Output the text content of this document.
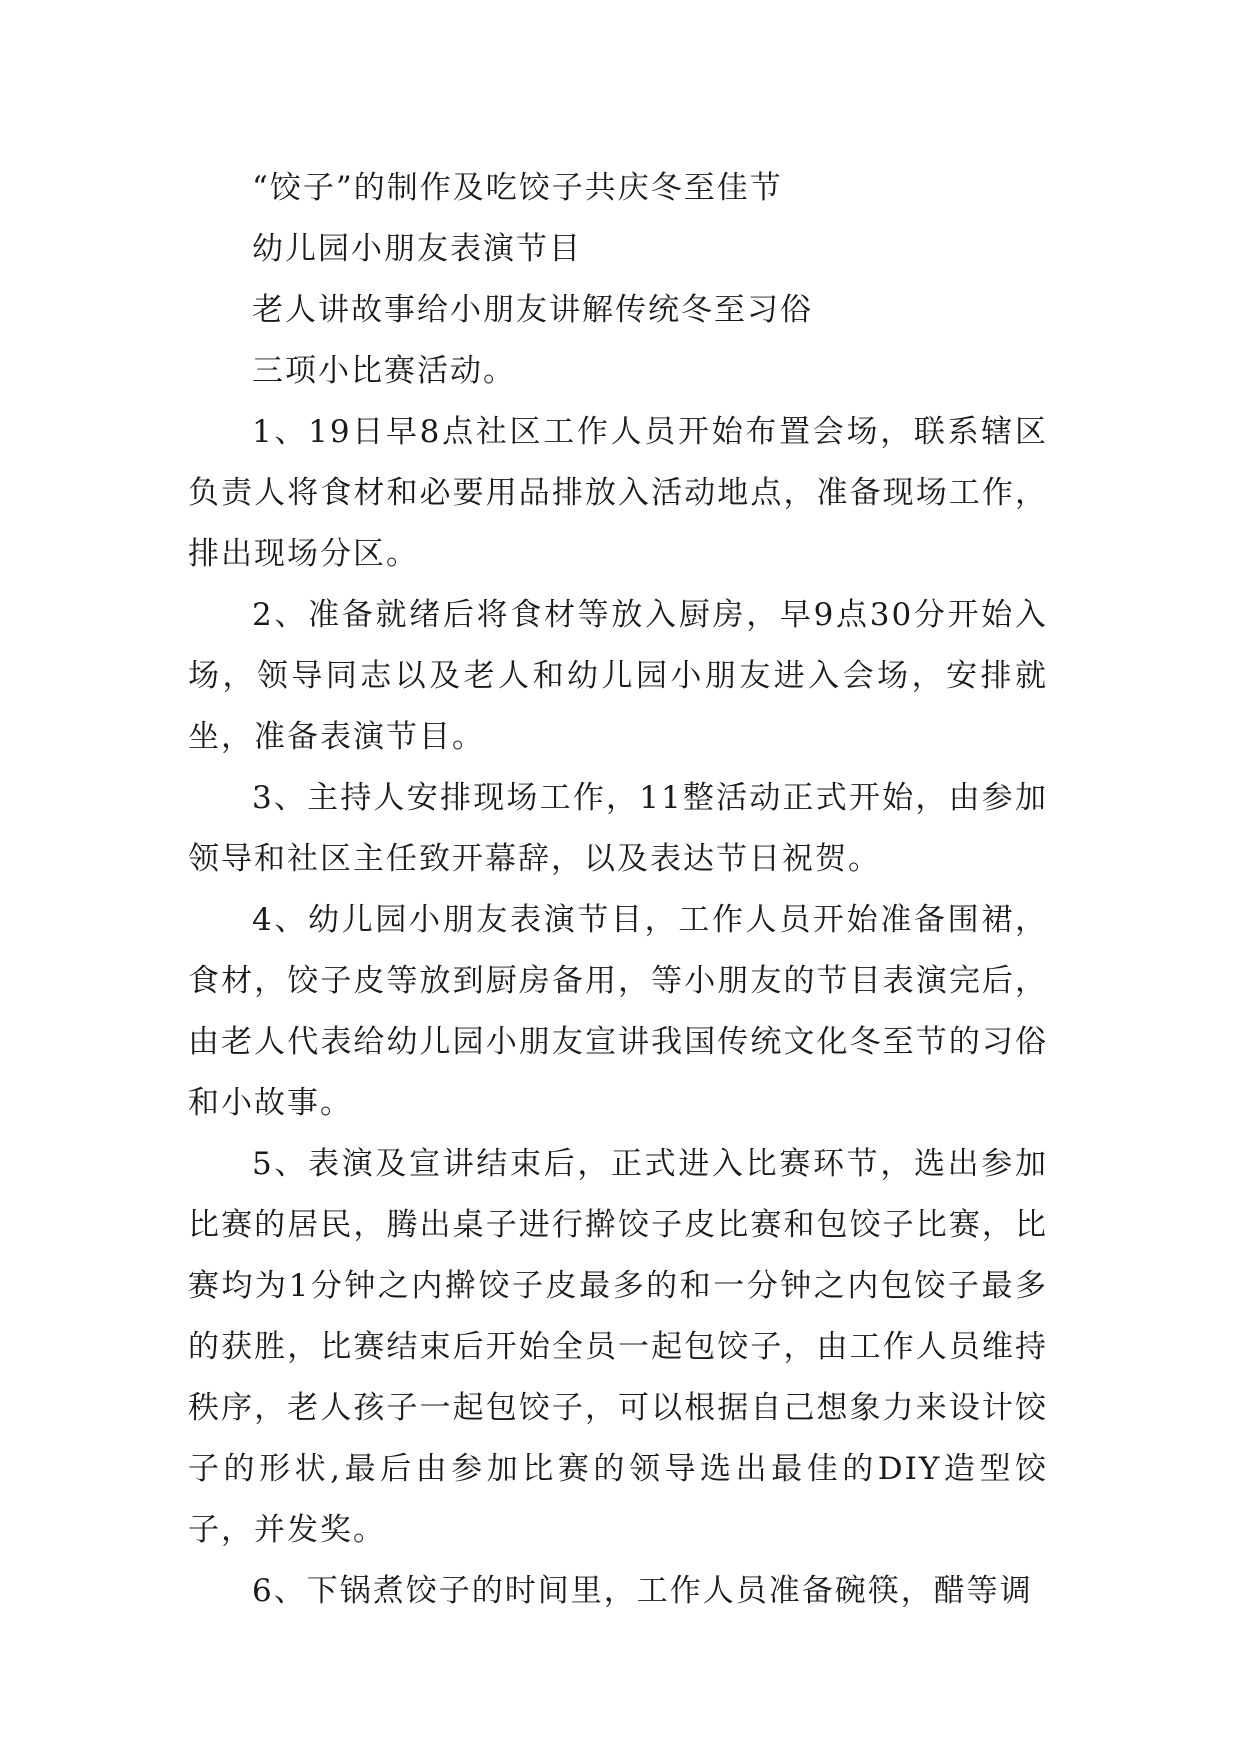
“饺子”的制作及吃饺子共庆冬至佳节

幼儿园小朋友表演节目

老人讲故事给小朋友讲解传统冬至习俗

三项小比赛活动。

1、19日早8点社区工作人员开始布置会场，联系辖区负责人将食材和必要用品排放入活动地点，准备现场工作，排出现场分区。

2、准备就绪后将食材等放入厨房，早9点30分开始入场，领导同志以及老人和幼儿园小朋友进入会场，安排就坐，准备表演节目。

3、主持人安排现场工作，11整活动正式开始，由参加领导和社区主任致开幕辞，以及表达节日祝贺。

4、幼儿园小朋友表演节目，工作人员开始准备围裙，食材，饺子皮等放到厨房备用，等小朋友的节目表演完后，由老人代表给幼儿园小朋友宣讲我国传统文化冬至节的习俗和小故事。

5、表演及宣讲结束后，正式进入比赛环节，选出参加比赛的居民，腾出桌子进行擀饺子皮比赛和包饺子比赛，比赛均为1分钟之内擀饺子皮最多的和一分钟之内包饺子最多的获胜，比赛结束后开始全员一起包饺子，由工作人员维持秩序，老人孩子一起包饺子，可以根据自己想象力来设计饺子的形状,最后由参加比赛的领导选出最佳的DIY造型饺子，并发奖。

6、下锅煮饺子的时间里，工作人员准备碗筷，醋等调
